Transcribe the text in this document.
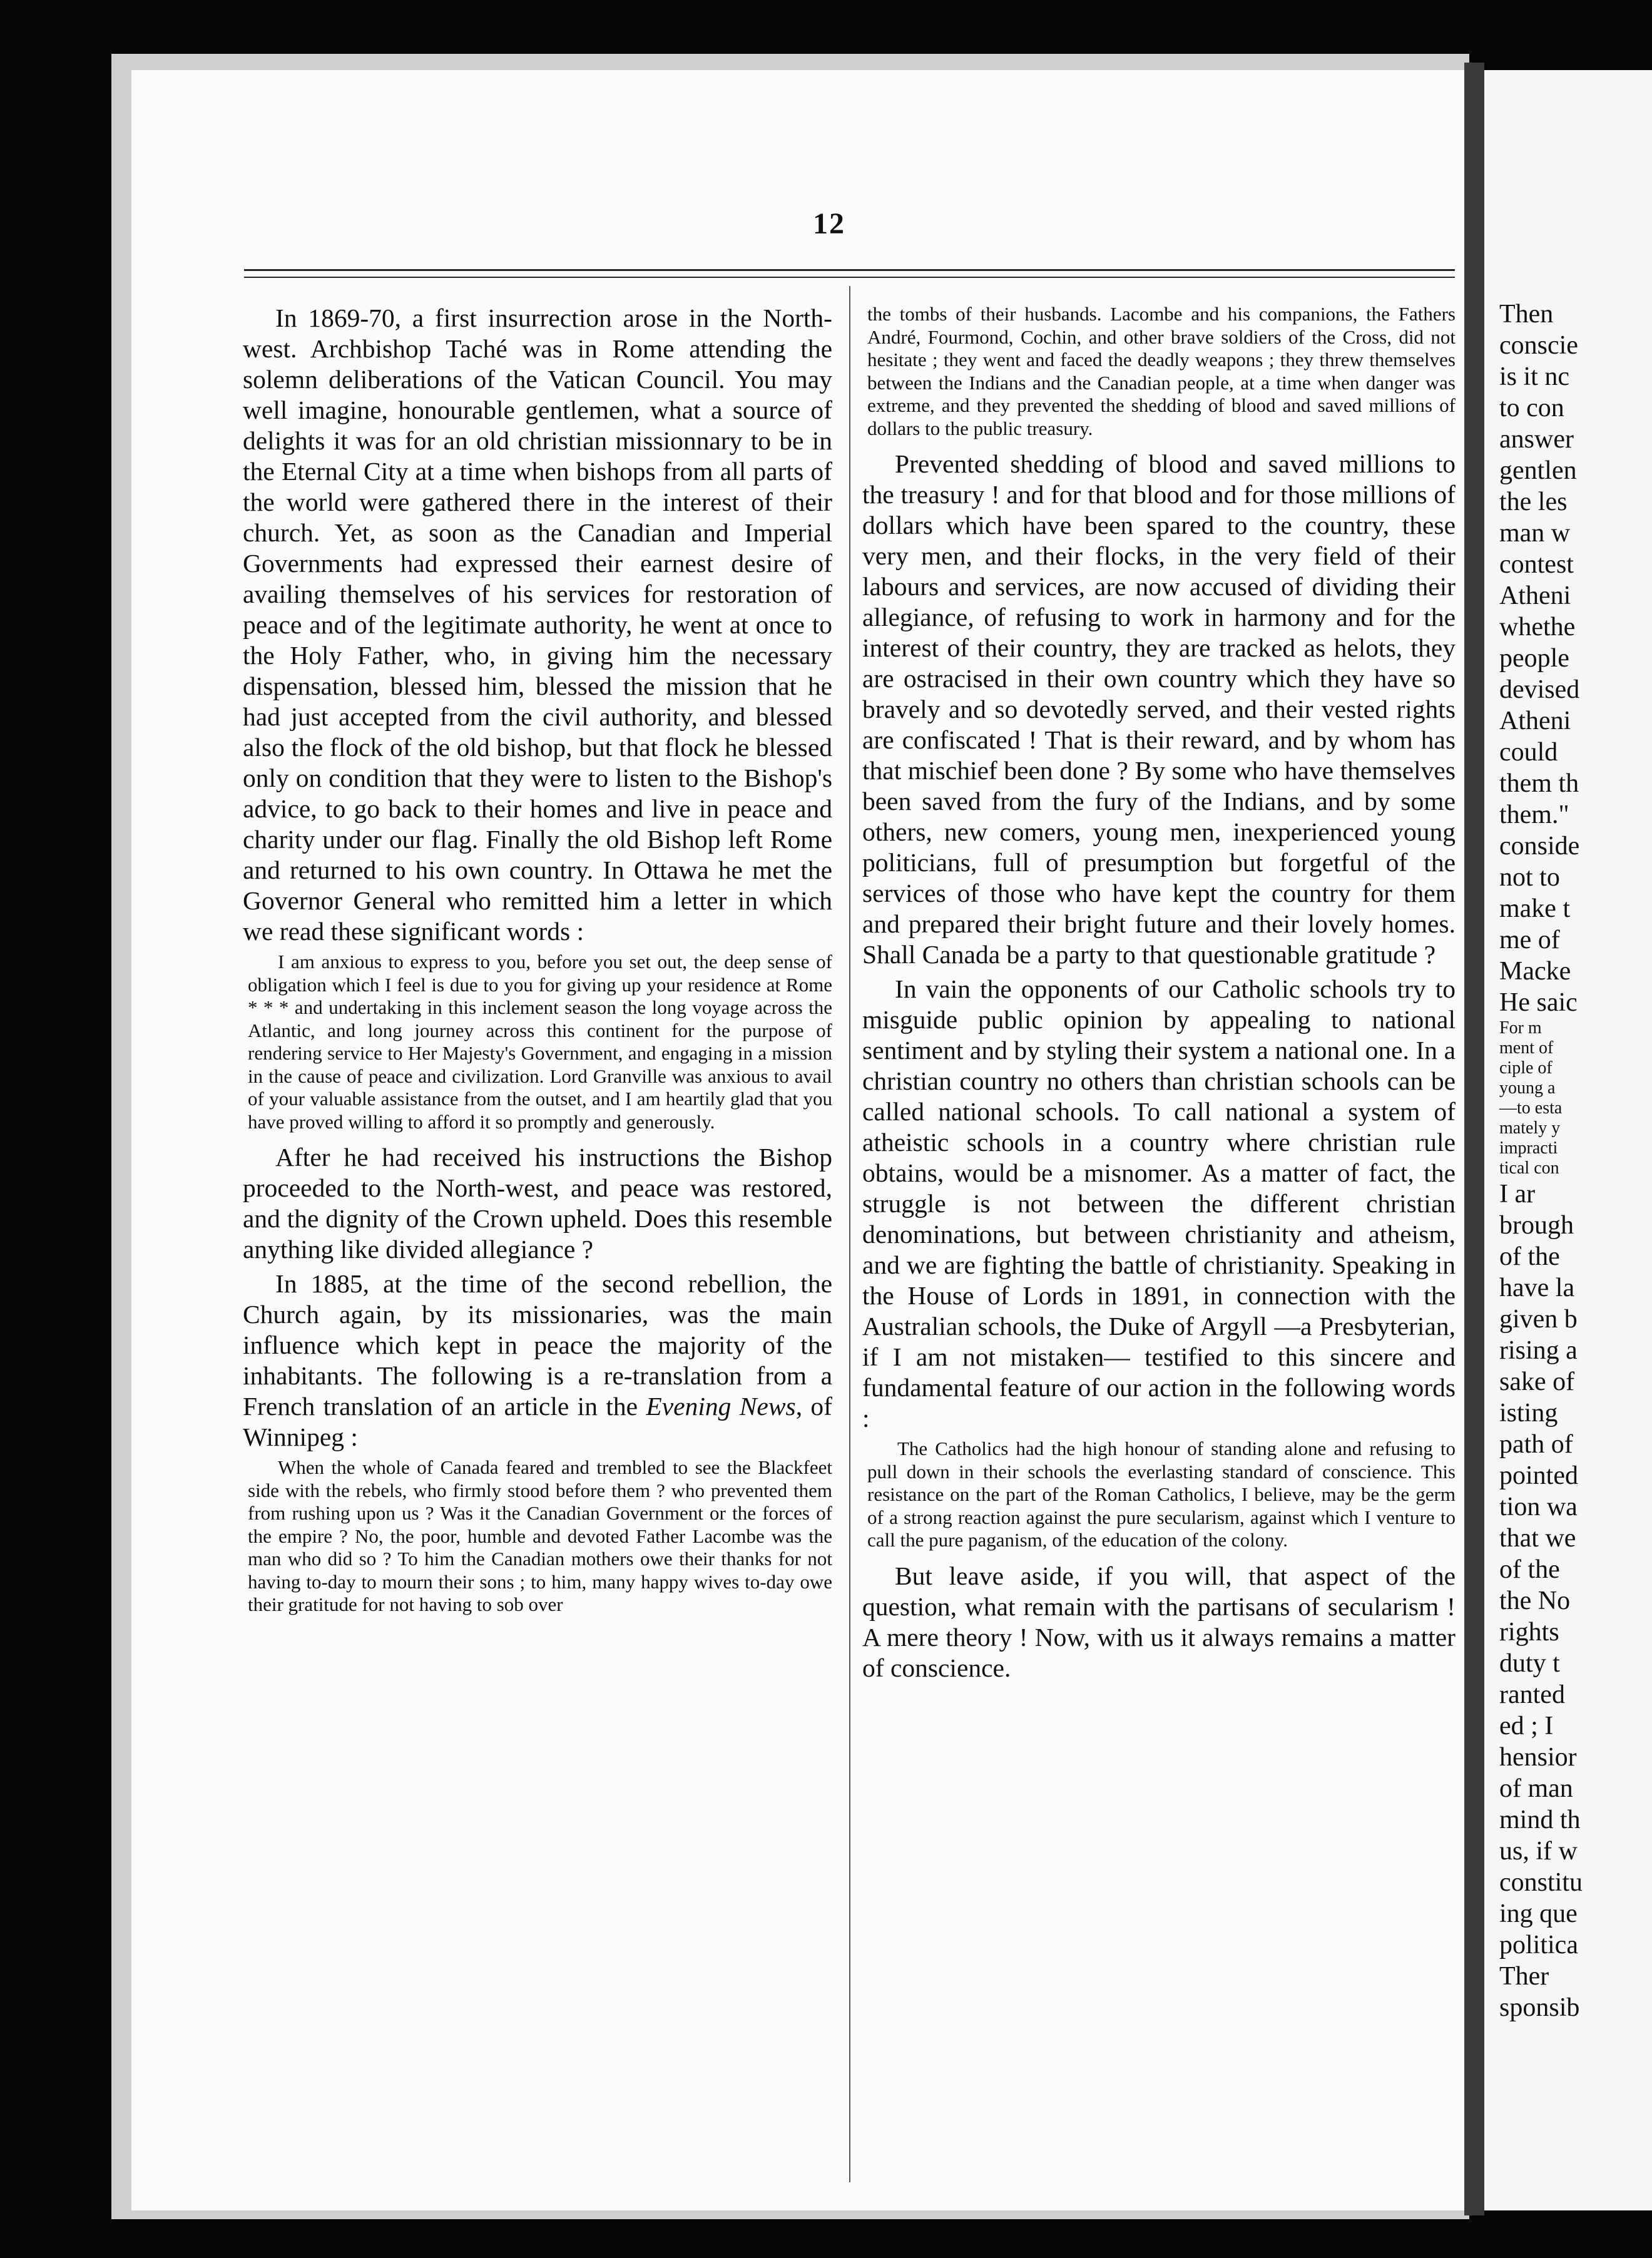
12

In 1869-70, a first insurrection arose in the North-west. Archbishop Taché was in Rome attending the solemn deliberations of the Vatican Council. You may well imagine, honourable gentlemen, what a source of delights it was for an old christian missionnary to be in the Eternal City at a time when bishops from all parts of the world were gathered there in the interest of their church. Yet, as soon as the Canadian and Imperial Governments had expressed their earnest desire of availing themselves of his services for restoration of peace and of the legitimate authority, he went at once to the Holy Father, who, in giving him the necessary dispensation, blessed him, blessed the mission that he had just accepted from the civil authority, and blessed also the flock of the old bishop, but that flock he blessed only on condition that they were to listen to the Bishop's advice, to go back to their homes and live in peace and charity under our flag. Finally the old Bishop left Rome and returned to his own country. In Ottawa he met the Governor General who remitted him a letter in which we read these significant words :

I am anxious to express to you, before you set out, the deep sense of obligation which I feel is due to you for giving up your residence at Rome * * * and undertaking in this inclement season the long voyage across the Atlantic, and long journey across this continent for the purpose of rendering service to Her Majesty's Government, and engaging in a mission in the cause of peace and civilization. Lord Granville was anxious to avail of your valuable assistance from the outset, and I am heartily glad that you have proved willing to afford it so promptly and generously.

After he had received his instructions the Bishop proceeded to the North-west, and peace was restored, and the dignity of the Crown upheld. Does this resemble anything like divided allegiance ?

In 1885, at the time of the second rebellion, the Church again, by its missionaries, was the main influence which kept in peace the majority of the inhabitants. The following is a re-translation from a French translation of an article in the Evening News, of Winnipeg :

When the whole of Canada feared and trembled to see the Blackfeet side with the rebels, who firmly stood before them ? who prevented them from rushing upon us ? Was it the Canadian Government or the forces of the empire ? No, the poor, humble and devoted Father Lacombe was the man who did so ? To him the Canadian mothers owe their thanks for not having to-day to mourn their sons ; to him, many happy wives to-day owe their gratitude for not having to sob over

the tombs of their husbands. Lacombe and his companions, the Fathers André, Fourmond, Cochin, and other brave soldiers of the Cross, did not hesitate ; they went and faced the deadly weapons ; they threw themselves between the Indians and the Canadian people, at a time when danger was extreme, and they prevented the shedding of blood and saved millions of dollars to the public treasury.

Prevented shedding of blood and saved millions to the treasury ! and for that blood and for those millions of dollars which have been spared to the country, these very men, and their flocks, in the very field of their labours and services, are now accused of dividing their allegiance, of refusing to work in harmony and for the interest of their country, they are tracked as helots, they are ostracised in their own country which they have so bravely and so devotedly served, and their vested rights are confiscated ! That is their reward, and by whom has that mischief been done ? By some who have themselves been saved from the fury of the Indians, and by some others, new comers, young men, inexperienced young politicians, full of presumption but forgetful of the services of those who have kept the country for them and prepared their bright future and their lovely homes. Shall Canada be a party to that questionable gratitude ?

In vain the opponents of our Catholic schools try to misguide public opinion by appealing to national sentiment and by styling their system a national one. In a christian country no others than christian schools can be called national schools. To call national a system of atheistic schools in a country where christian rule obtains, would be a misnomer. As a matter of fact, the struggle is not between the different christian denominations, but between christianity and atheism, and we are fighting the battle of christianity. Speaking in the House of Lords in 1891, in connection with the Australian schools, the Duke of Argyll —a Presbyterian, if I am not mistaken— testified to this sincere and fundamental feature of our action in the following words :

The Catholics had the high honour of standing alone and refusing to pull down in their schools the everlasting standard of conscience. This resistance on the part of the Roman Catholics, I believe, may be the germ of a strong reaction against the pure secularism, against which I venture to call the pure paganism, of the education of the colony.

But leave aside, if you will, that aspect of the question, what remain with the partisans of secularism ! A mere theory ! Now, with us it always remains a matter of conscience.

Then
conscie
is it nc
to con
answer
gentlen
the les
man w
contest
Atheni
whethe
people
devised
Atheni
could
them th
them."
conside
not to
make t
me of
Macke
He saic
For m
ment of
ciple of
young a
—to esta
mately y
impracti
tical con
I ar
brough
of the
have la
given b
rising a
sake of
isting
path of
pointed
tion wa
that we
of the
the No
rights
duty t
ranted
ed ; I
hensior
of man
mind th
us, if w
constitu
ing que
politica
Ther
sponsib
